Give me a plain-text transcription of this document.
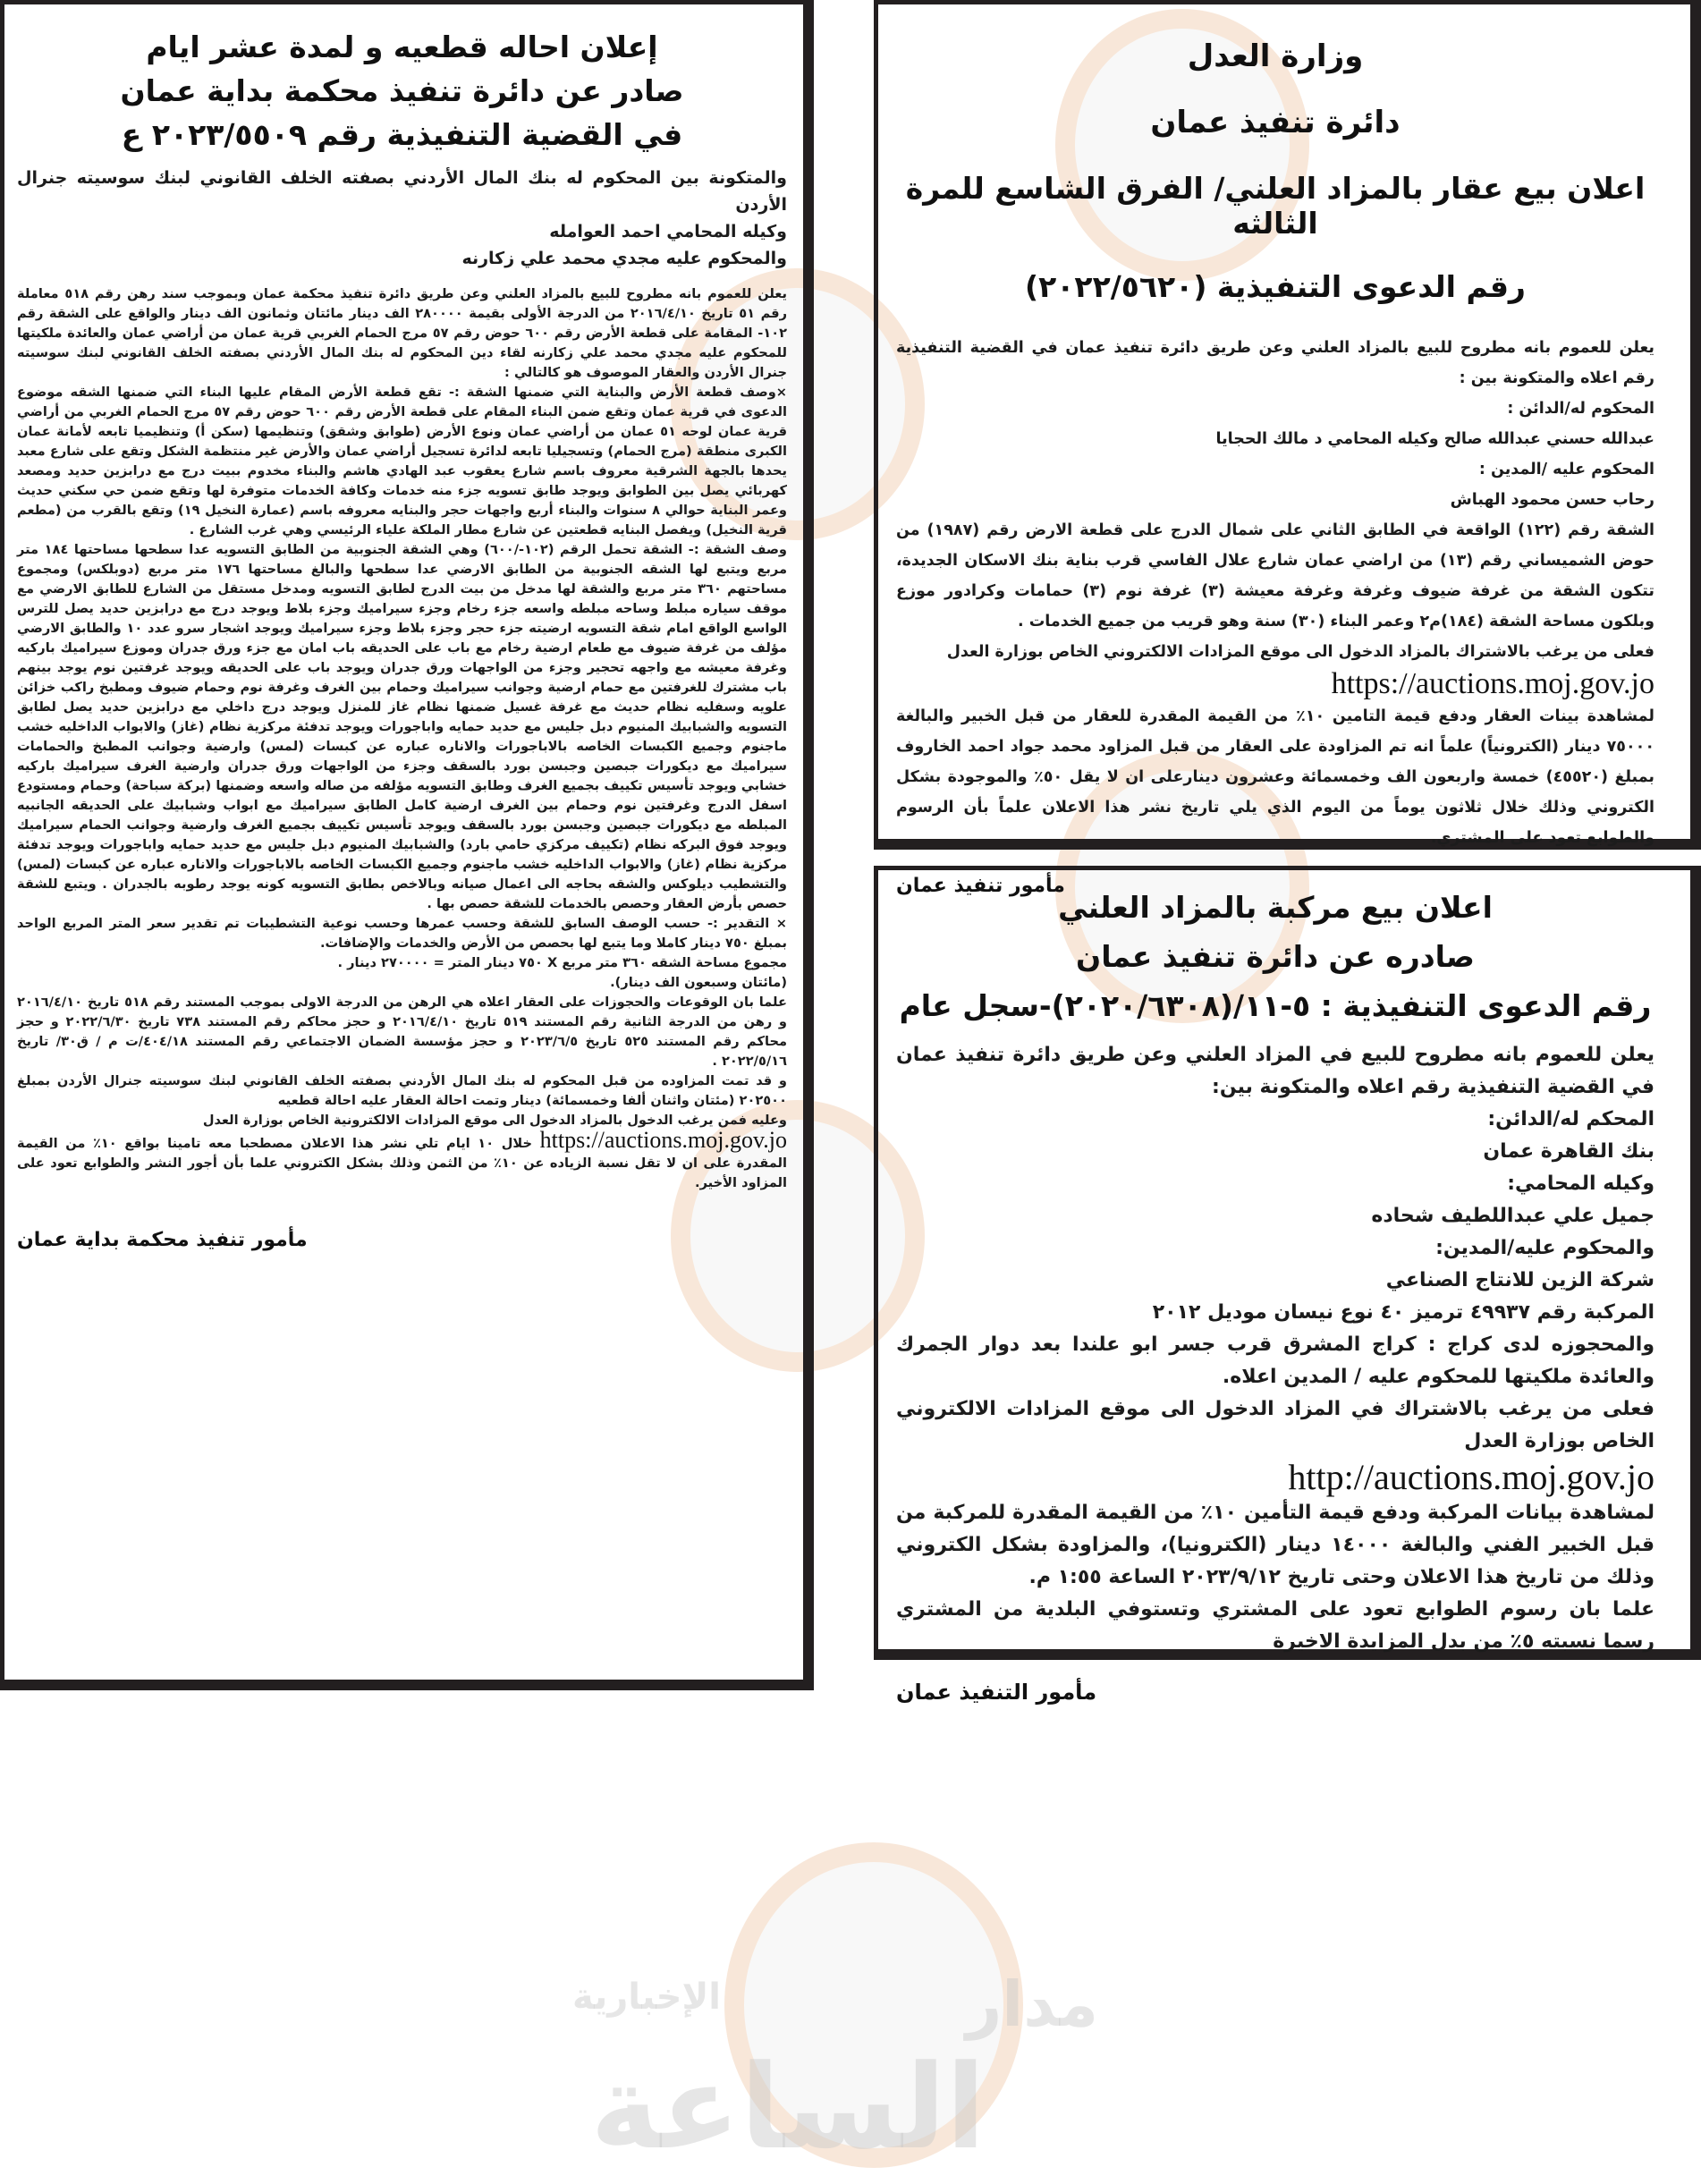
مدار
الإخبارية
الساعة
وزارة العدل
دائرة تنفيذ عمان
اعلان بيع عقار بالمزاد العلني/ الفرق الشاسع للمرة الثالثه
رقم الدعوى التنفيذية (٢٠٢٢/٥٦٢٠)

يعلن للعموم بانه مطروح للبيع بالمزاد العلني وعن طريق دائرة تنفيذ عمان في القضية التنفيذية رقم اعلاه والمتكونة بين :

المحكوم له/الدائن :

عبدالله حسني عبدالله صالح وكيله المحامي د مالك الحجايا

المحكوم عليه /المدين :

رحاب حسن محمود الهباش

الشقة رقم (١٢٢) الواقعة في الطابق الثاني على شمال الدرج على قطعة الارض رقم (١٩٨٧) من حوض الشميساني رقم (١٣) من اراضي عمان شارع علال الفاسي قرب بناية بنك الاسكان الجديدة، تتكون الشقة من غرفة ضيوف وغرفة وغرفة معيشة (٣) غرفة نوم (٣) حمامات وكرادور موزع وبلكون مساحة الشقة (١٨٤)م٢ وعمر البناء (٣٠) سنة وهو قريب من جميع الخدمات .

فعلى من يرغب بالاشتراك بالمزاد الدخول الى موقع المزادات الالكتروني الخاص بوزارة العدل

https://auctions.moj.gov.jo

لمشاهدة بينات العقار ودفع قيمة التامين ١٠٪ من القيمة المقدرة للعقار من قبل الخبير والبالغة ٧٥٠٠٠ دينار (الكترونياً) علماً انه تم المزاودة على العقار من قبل المزاود محمد جواد احمد الخاروف بمبلغ (٤٥٥٢٠) خمسة واربعون الف وخمسمائة وعشرون دينارعلى ان لا يقل ٥٠٪ والموجودة بشكل الكتروني وذلك خلال ثلاثون يوماً من اليوم الذي يلي تاريخ نشر هذا الاعلان علماً بأن الرسوم والطوابع تعود على المشتري.

مأمور تنفيذ عمان
اعلان بيع مركبة بالمزاد العلني
صادره عن دائرة تنفيذ عمان
رقم الدعوى التنفيذية : ٥-١١/(٢٠٢٠/٦٣٠٨)-سجل عام

يعلن للعموم بانه مطروح للبيع في المزاد العلني وعن طريق دائرة تنفيذ عمان في القضية التنفيذية رقم اعلاه والمتكونة بين:

المحكم له/الدائن:

بنك القاهرة عمان

وكيله المحامي:

جميل علي عبداللطيف شحاده

والمحكوم عليه/المدين:

شركة الزين للانتاج الصناعي

المركبة رقم ٤٩٩٣٧ ترميز ٤٠ نوع نيسان موديل ٢٠١٢

والمحجوزه لدى كراج : كراج المشرق قرب جسر ابو علندا بعد دوار الجمرك والعائدة ملكيتها للمحكوم عليه / المدين اعلاه.

فعلى من يرغب بالاشتراك في المزاد الدخول الى موقع المزادات الالكتروني الخاص بوزارة العدل

http://auctions.moj.gov.jo

لمشاهدة بيانات المركبة ودفع قيمة التأمين ١٠٪ من القيمة المقدرة للمركبة من قبل الخبير الفني والبالغة ١٤٠٠٠ دينار (الكترونيا)، والمزاودة بشكل الكتروني وذلك من تاريخ هذا الاعلان وحتى تاريخ ٢٠٢٣/٩/١٢ الساعة ١:٥٥ م.

علما بان رسوم الطوابع تعود على المشتري وتستوفي البلدية من المشتري رسما نسبته ٥٪ من بدل المزايدة الاخيرة

مأمور التنفيذ عمان
إعلان احاله قطعيه و لمدة عشر ايام
صادر عن دائرة تنفيذ محكمة بداية عمان
في القضية التنفيذية رقم ٢٠٢٣/٥٥٠٩ ع

والمتكونة بين المحكوم له بنك المال الأردني بصفته الخلف القانوني لبنك سوسيته جنرال الأردن

وكيله المحامي احمد العوامله

والمحكوم عليه مجدي محمد علي زكارنه

يعلن للعموم بانه مطروح للبيع بالمزاد العلني وعن طريق دائرة تنفيذ محكمة عمان وبموجب سند رهن رقم ٥١٨ معاملة رقم ٥١ تاريخ ٢٠١٦/٤/١٠ من الدرجة الأولى بقيمة ٢٨٠٠٠٠ الف دينار مائتان وثمانون الف دينار والواقع على الشقة رقم ١٠٢- المقامة على قطعة الأرض رقم ٦٠٠ حوض رقم ٥٧ مرج الحمام الغربي قرية عمان من أراضي عمان والعائدة ملكيتها للمحكوم عليه مجدي محمد علي زكارنه لقاء دين المحكوم له بنك المال الأردني بصفته الخلف القانوني لبنك سوسيته جنرال الأردن والعقار الموصوف هو كالتالي :

×وصف قطعة الأرض والبناية التي ضمنها الشقة :- تقع قطعة الأرض المقام عليها البناء التي ضمنها الشقه موضوع الدعوى في قرية عمان وتقع ضمن البناء المقام على قطعة الأرض رقم ٦٠٠ حوض رقم ٥٧ مرج الحمام الغربي من أراضي قرية عمان لوحه ٥١ عمان من أراضي عمان ونوع الأرض (طوابق وشقق) وتنظيمها (سكن أ) وتنظيميا تابعه لأمانة عمان الكبرى منطقة (مرج الحمام) وتسجيليا تابعه لدائرة تسجيل أراضي عمان والأرض غير منتظمة الشكل وتقع على شارع معبد يحدها بالجهة الشرقية معروف باسم شارع يعقوب عبد الهادي هاشم والبناء مخدوم ببيت درج مع درابزين حديد ومصعد كهربائي يصل بين الطوابق ويوجد طابق تسويه جزء منه خدمات وكافة الخدمات متوفرة لها وتقع ضمن حي سكني حديث وعمر البناية حوالي ٨ سنوات والبناء أربع واجهات حجر والبنايه معروفه باسم (عمارة النخيل ١٩) وتقع بالقرب من (مطعم قرية النخيل) ويفصل البنايه قطعتين عن شارع مطار الملكة علياء الرئيسي وهي غرب الشارع .

وصف الشقة :- الشقة تحمل الرقم (١٠٢-/٦٠٠) وهي الشقة الجنوبية من الطابق التسويه عدا سطحها مساحتها ١٨٤ متر مربع ويتبع لها الشقه الجنوبية من الطابق الارضي عدا سطحها والبالغ مساحتها ١٧٦ متر مربع (دوبلكس) ومجموع مساحتهم ٣٦٠ متر مربع والشقة لها مدخل من بيت الدرج لطابق التسويه ومدخل مستقل من الشارع للطابق الارضي مع موقف سياره مبلط وساحه مبلطه واسعه جزء رخام وجزء سيراميك وجزء بلاط ويوجد درج مع درابزين حديد يصل للترس الواسع الواقع امام شقة التسويه ارضيته جزء حجر وجزء بلاط وجزء سيراميك ويوجد اشجار سرو عدد ١٠ والطابق الارضي مؤلف من غرفة ضيوف مع طعام ارضية رخام مع باب على الحديقه باب امان مع جزء ورق جدران وموزع سيراميك باركيه وغرفة معيشه مع واجهه تحجير وجزء من الواجهات ورق جدران ويوجد باب على الحديقه ويوجد غرفتين نوم يوجد بينهم باب مشترك للغرفتين مع حمام ارضية وجوانب سيراميك وحمام بين الغرف وغرفة نوم وحمام ضيوف ومطبخ راكب خزائن علويه وسفليه نظام حديث مع غرفة غسيل ضمنها نظام غاز للمنزل ويوجد درج داخلي مع درابزين حديد يصل لطابق التسويه والشبابيك المنيوم دبل جليس مع حديد حمايه واباجورات ويوجد تدفئة مركزية نظام (غاز) والابواب الداخليه خشب ماجنوم وجميع الكبسات الخاصه بالاباجورات والاناره عباره عن كبسات (لمس) وارضية وجوانب المطبخ والحمامات سيراميك مع ديكورات جبصين وجبسن بورد بالسقف وجزء من الواجهات ورق جدران وارضية الغرف سيراميك باركيه خشابي ويوجد تأسيس تكييف بجميع الغرف وطابق التسويه مؤلفه من صاله واسعه وضمنها (بركة سباحة) وحمام ومستودع اسفل الدرج وغرفتين نوم وحمام بين الغرف ارضية كامل الطابق سيراميك مع ابواب وشبابيك على الحديقه الجانبيه المبلطه مع ديكورات جبصين وجبسن بورد بالسقف ويوجد تأسيس تكييف بجميع الغرف وارضية وجوانب الحمام سيراميك ويوجد فوق البركه نظام (تكييف مركزي حامي بارد) والشبابيك المنيوم دبل جليس مع حديد حمايه واباجورات ويوجد تدفئة مركزية نظام (غاز) والابواب الداخليه خشب ماجنوم وجميع الكبسات الخاصه بالاباجورات والاناره عباره عن كبسات (لمس) والتشطيب ديلوكس والشقه بحاجه الى اعمال صيانه وبالاخص بطابق التسويه كونه يوجد رطوبه بالجدران . ويتبع للشقة حصص بأرض العقار وحصص بالخدمات للشقة حصص بها .

× التقدير :- حسب الوصف السابق للشقة وحسب عمرها وحسب نوعية التشطيبات تم تقدير سعر المتر المربع الواحد بمبلغ ٧٥٠ دينار كاملا وما يتبع لها بحصص من الأرض والخدمات والإضافات.

مجموع مساحة الشقه ٣٦٠ متر مربع X ٧٥٠ دينار المتر = ٢٧٠٠٠٠ دينار .

(مائتان وسبعون الف دينار).

علما بان الوقوعات والحجوزات على العقار اعلاه هي الرهن من الدرجة الاولى بموجب المستند رقم ٥١٨ تاريخ ٢٠١٦/٤/١٠ و رهن من الدرجة الثانية رقم المستند ٥١٩ تاريخ ٢٠١٦/٤/١٠ و حجز محاكم رقم المستند ٧٣٨ تاريخ ٢٠٢٢/٦/٣٠ و حجز محاكم رقم المستند ٥٢٥ تاريخ ٢٠٢٣/٦/٥ و حجز مؤسسة الضمان الاجتماعي رقم المستند ٤٠٤/١٨/ت م / ق٣٠/ تاريخ ٢٠٢٢/٥/١٦ .

و قد تمت المزاوده من قبل المحكوم له بنك المال الأردني بصفته الخلف القانوني لبنك سوسيته جنرال الأردن بمبلغ ٢٠٢٥٠٠ (مئتان واثنان ألفا وخمسمائة) دينار وتمت احالة العقار عليه احالة قطعيه

وعليه فمن يرغب الدخول بالمزاد الدخول الى موقع المزادات الالكترونية الخاص بوزارة العدل

https://auctions.moj.gov.jo خلال ١٠ ايام تلي نشر هذا الاعلان مصطحبا معه تامينا بواقع ١٠٪ من القيمة المقدرة على ان لا تقل نسبة الزياده عن ١٠٪ من الثمن وذلك بشكل الكتروني علما بأن أجور النشر والطوابع تعود على المزاود الأخير.

مأمور تنفيذ محكمة بداية عمان
